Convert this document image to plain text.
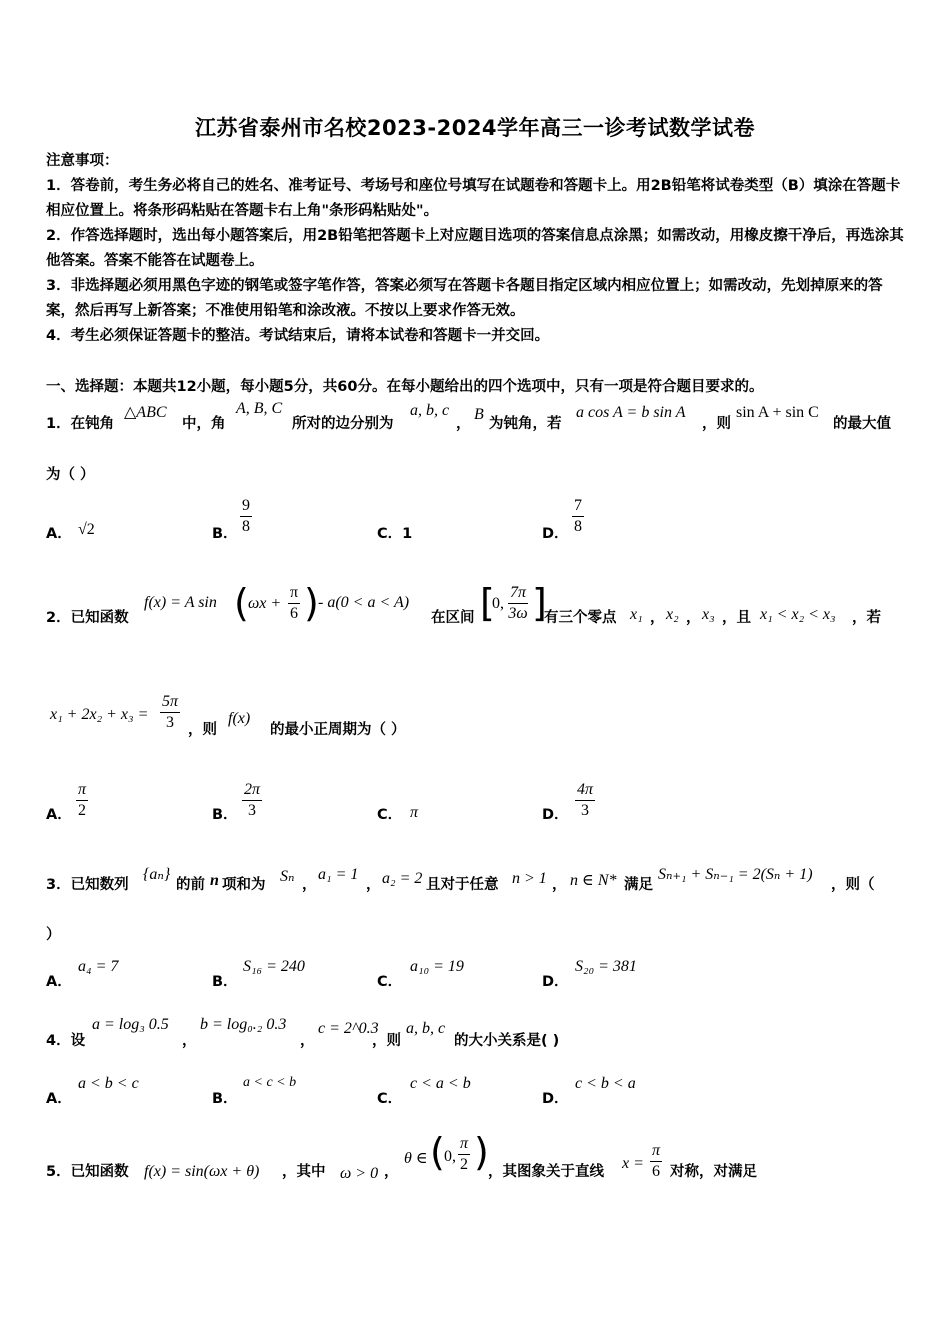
江苏省泰州市名校2023-2024学年高三一诊考试数学试卷
注意事项：
1．答卷前，考生务必将自己的姓名、准考证号、考场号和座位号填写在试题卷和答题卡上。用2B铅笔将试卷类型（B）填涂在答题卡相应位置上。将条形码粘贴在答题卡右上角"条形码粘贴处"。
2．作答选择题时，选出每小题答案后，用2B铅笔把答题卡上对应题目选项的答案信息点涂黑；如需改动，用橡皮擦干净后，再选涂其他答案。答案不能答在试题卷上。
3．非选择题必须用黑色字迹的钢笔或签字笔作答，答案必须写在答题卡各题目指定区域内相应位置上；如需改动，先划掉原来的答案，然后再写上新答案；不准使用铅笔和涂改液。不按以上要求作答无效。
4．考生必须保证答题卡的整洁。考试结束后，请将本试卷和答题卡一并交回。
一、选择题：本题共12小题，每小题5分，共60分。在每小题给出的四个选项中，只有一项是符合题目要求的。
1．在钝角
△ABC
中，角
A, B, C
所对的边分别为
a, b, c
，
B
为钝角，若
a cos A = b sin A
，则
sin A + sin C
的最大值
为（ ）
A． √2	B． $\frac{9}{8}$	C．1	D． $\frac{7}{8}$
2．已知函数
f(x) = A sin ( $\omega x + \frac{\pi}{6}$ ) - a(0 < a < A)
在区间 [
0, $\frac{7\pi}{3\omega}$ ]
有三个零点 x₁ ， x₂ ， x₃ ，且 x₁ < x₂ < x₃ ，若
$x_1 + 2x_2 + x_3 = \frac{5\pi}{3}$ ，则
f(x)
的最小正周期为（ ）
A． $\frac{\pi}{2}$	B． $\frac{2\pi}{3}$	C． π	D． $\frac{4\pi}{3}$
3．已知数列
{aₙ}
的前 n 项和为 Sₙ ，
a₁ = 1
， a₂ = 2 且对于任意 n > 1 ， n ∈ N* 满足
Sₙ₊₁ + Sₙ₋₁ = 2(Sₙ + 1)
，则（
）
A．
a₄ = 7
B．
S₁₆ = 240
C．
a₁₀ = 19
D．
S₂₀ = 381
4．设
a = log₃ 0.5
，
b = log₀.₂ 0.3
，
c = 2^0.3
，则
a, b, c
的大小关系是( )
A．
a < b < c
B．
a < c < b
C．
c < a < b
D．
c < b < a
5．已知函数 f(x) = sin(ωx + θ) ，其中 ω > 0 ，
θ ∈ ( 0, $\frac{\pi}{2}$ ) ，其图象关于直线 $x = \frac{\pi}{6}$ 对称，对满足
